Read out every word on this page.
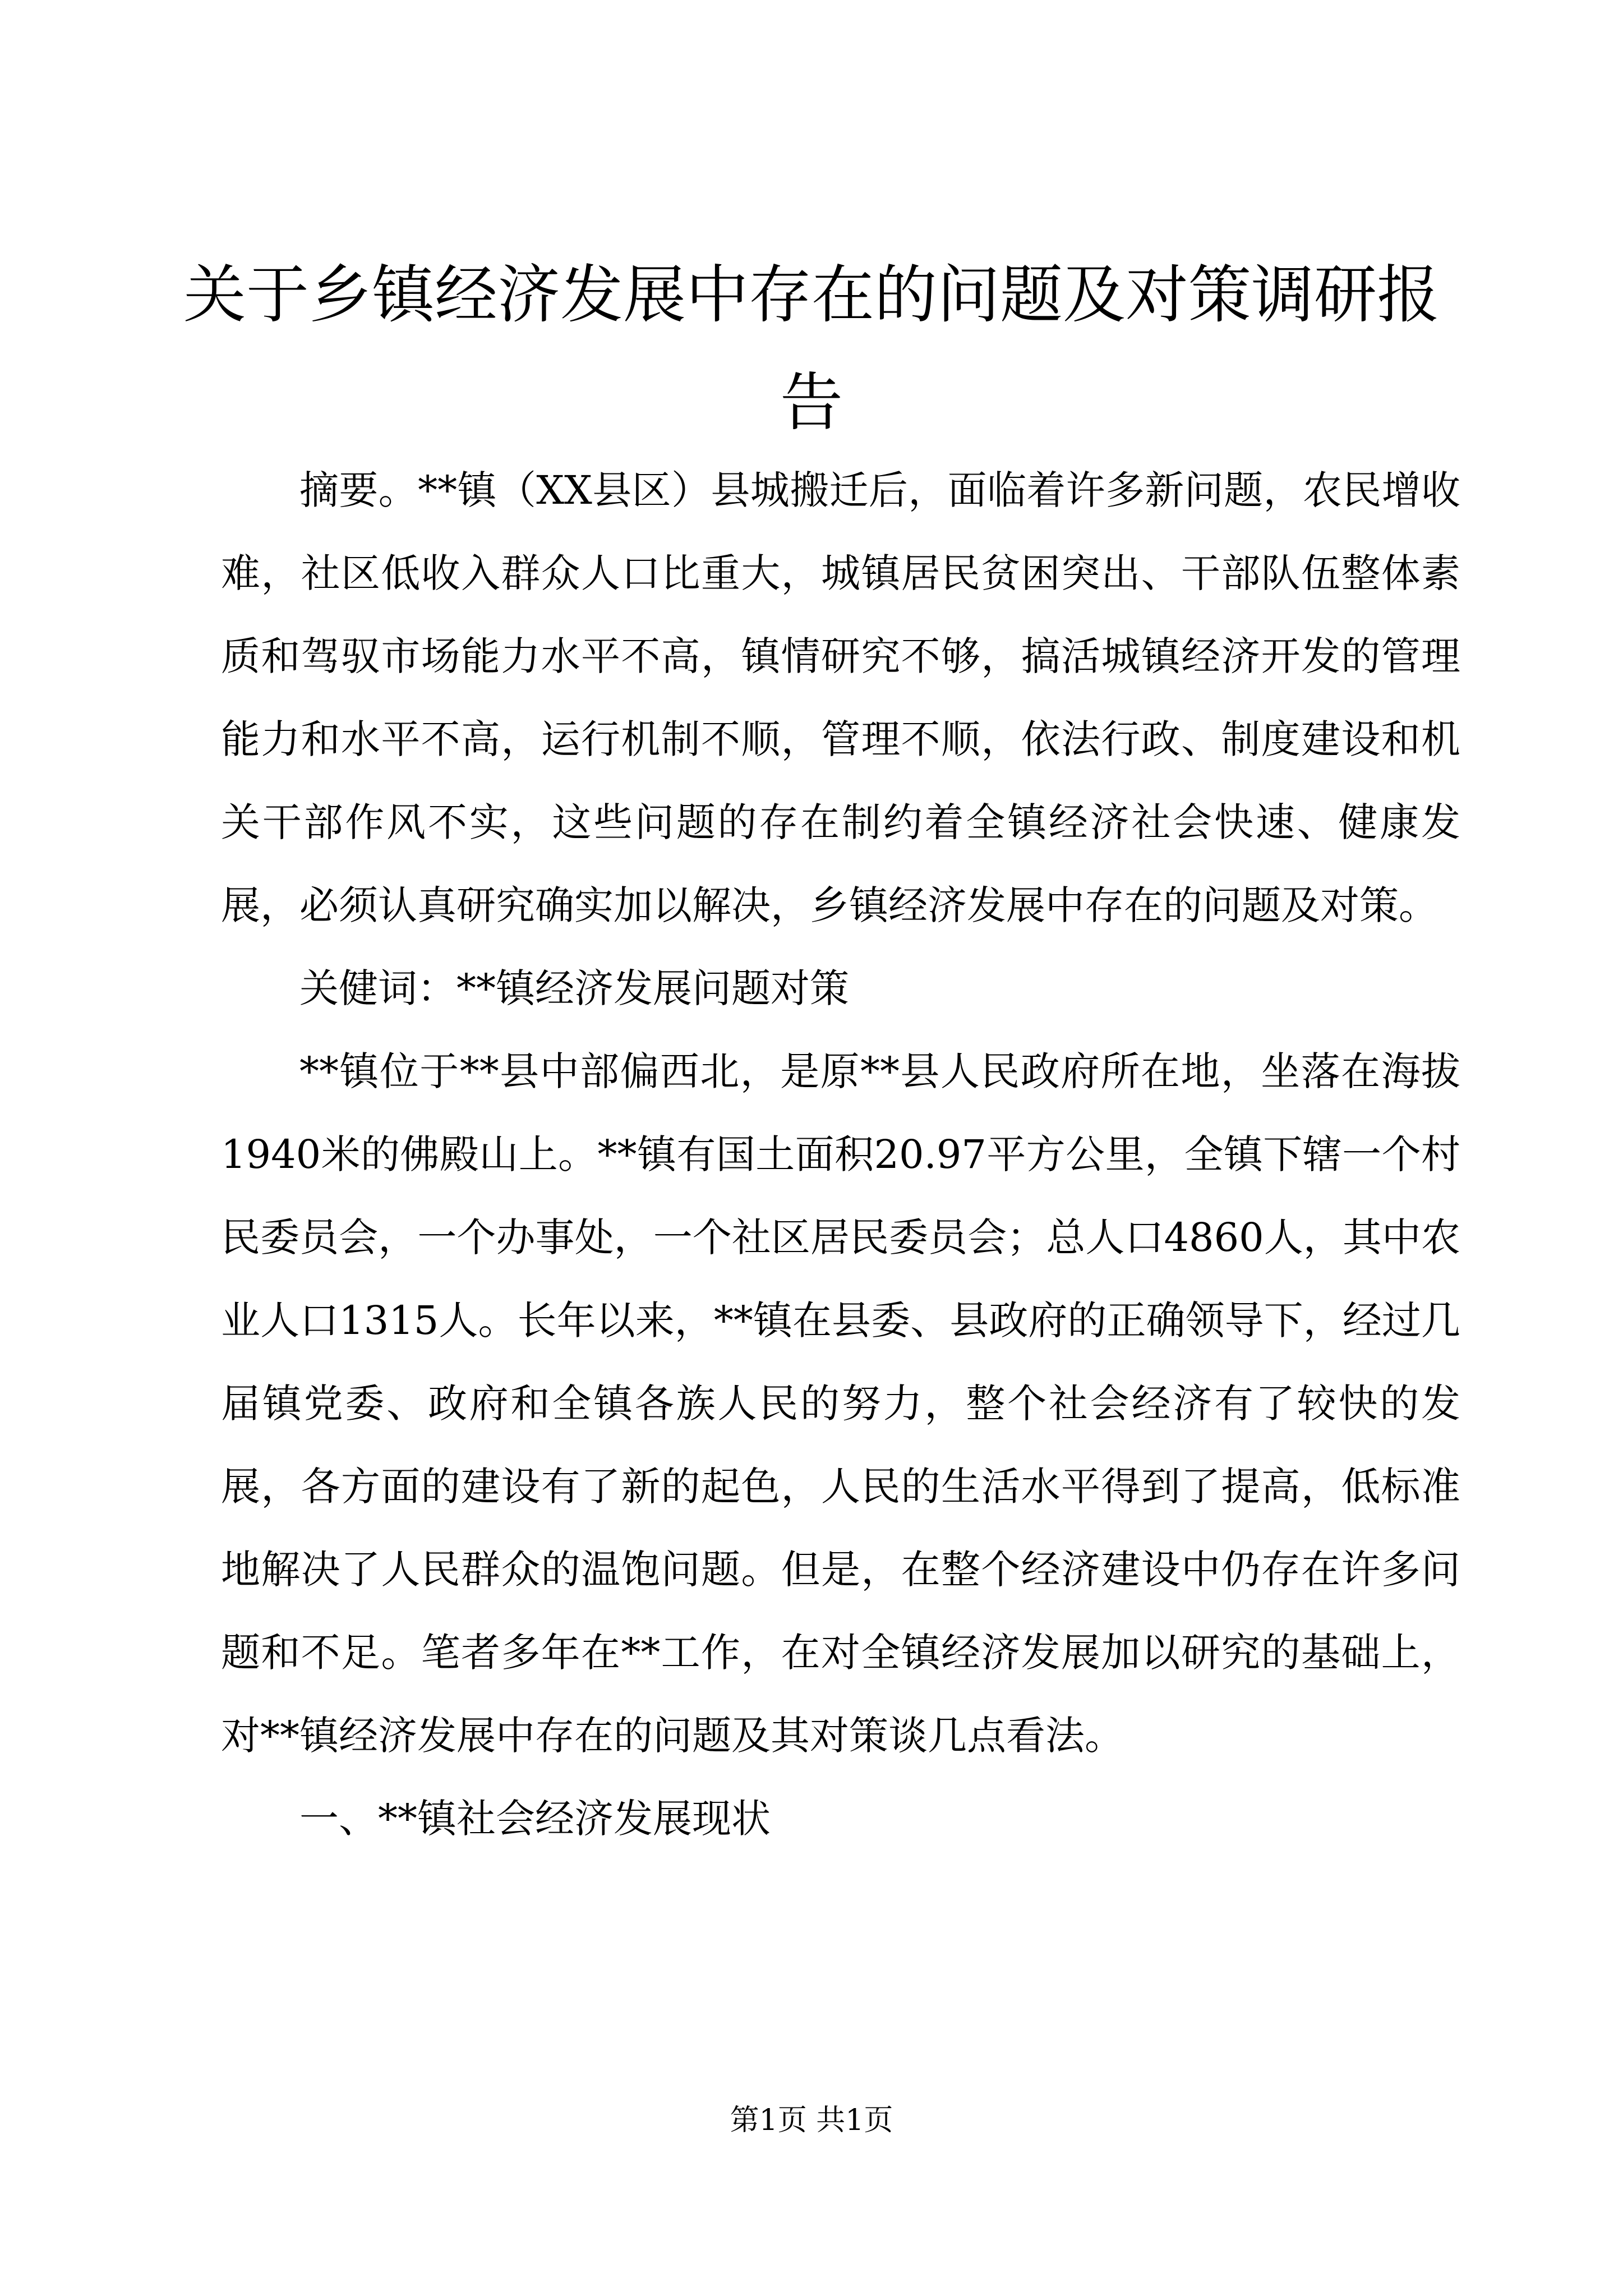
关于乡镇经济发展中存在的问题及对策调研报告

摘要。**镇（XX县区）县城搬迁后，面临着许多新问题，农民增收难，社区低收入群众人口比重大，城镇居民贫困突出、干部队伍整体素质和驾驭市场能力水平不高，镇情研究不够，搞活城镇经济开发的管理能力和水平不高，运行机制不顺，管理不顺，依法行政、制度建设和机关干部作风不实，这些问题的存在制约着全镇经济社会快速、健康发展，必须认真研究确实加以解决，乡镇经济发展中存在的问题及对策。

关健词：**镇经济发展问题对策

**镇位于**县中部偏西北，是原**县人民政府所在地，坐落在海拔1940米的佛殿山上。**镇有国土面积20.97平方公里，全镇下辖一个村民委员会，一个办事处，一个社区居民委员会；总人口4860人，其中农业人口1315人。长年以来，**镇在县委、县政府的正确领导下，经过几届镇党委、政府和全镇各族人民的努力，整个社会经济有了较快的发展，各方面的建设有了新的起色，人民的生活水平得到了提高，低标准地解决了人民群众的温饱问题。但是，在整个经济建设中仍存在许多问题和不足。笔者多年在**工作，在对全镇经济发展加以研究的基础上，对**镇经济发展中存在的问题及其对策谈几点看法。

一、**镇社会经济发展现状

第1页 共1页
